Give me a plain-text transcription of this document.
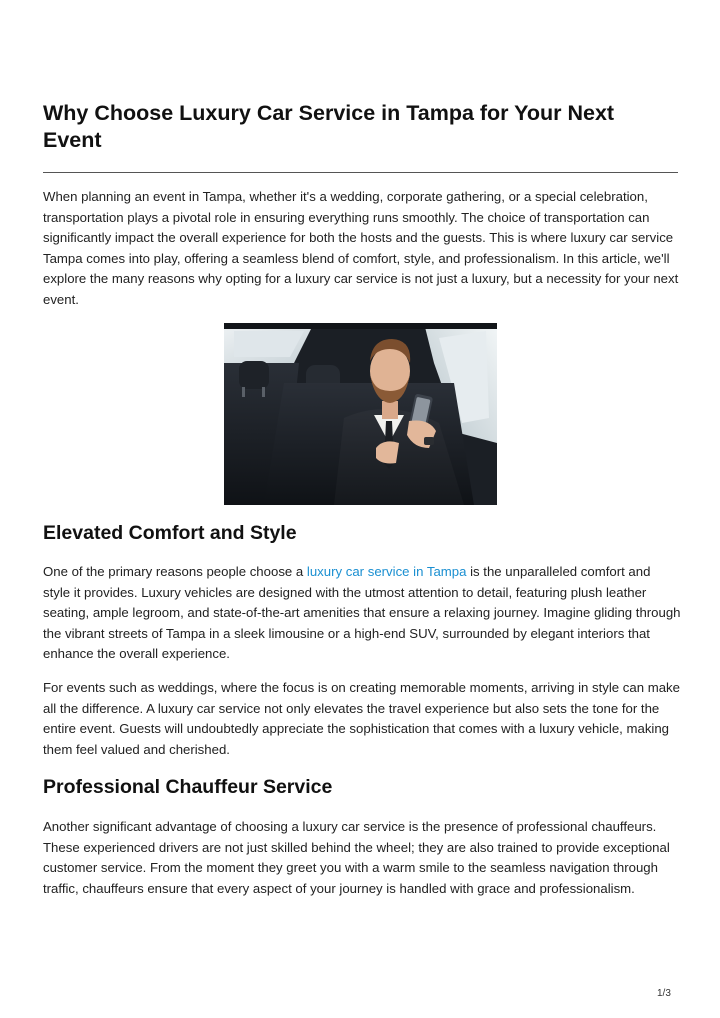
Why Choose Luxury Car Service in Tampa for Your Next Event

When planning an event in Tampa, whether it's a wedding, corporate gathering, or a special celebration, transportation plays a pivotal role in ensuring everything runs smoothly. The choice of transportation can significantly impact the overall experience for both the hosts and the guests. This is where luxury car service Tampa comes into play, offering a seamless blend of comfort, style, and professionalism. In this article, we'll explore the many reasons why opting for a luxury car service is not just a luxury, but a necessity for your next event.

Elevated Comfort and Style

One of the primary reasons people choose a luxury car service in Tampa is the unparalleled comfort and style it provides. Luxury vehicles are designed with the utmost attention to detail, featuring plush leather seating, ample legroom, and state-of-the-art amenities that ensure a relaxing journey. Imagine gliding through the vibrant streets of Tampa in a sleek limousine or a high-end SUV, surrounded by elegant interiors that enhance the overall experience.

For events such as weddings, where the focus is on creating memorable moments, arriving in style can make all the difference. A luxury car service not only elevates the travel experience but also sets the tone for the entire event. Guests will undoubtedly appreciate the sophistication that comes with a luxury vehicle, making them feel valued and cherished.

Professional Chauffeur Service

Another significant advantage of choosing a luxury car service is the presence of professional chauffeurs. These experienced drivers are not just skilled behind the wheel; they are also trained to provide exceptional customer service. From the moment they greet you with a warm smile to the seamless navigation through traffic, chauffeurs ensure that every aspect of your journey is handled with grace and professionalism.

1/3
